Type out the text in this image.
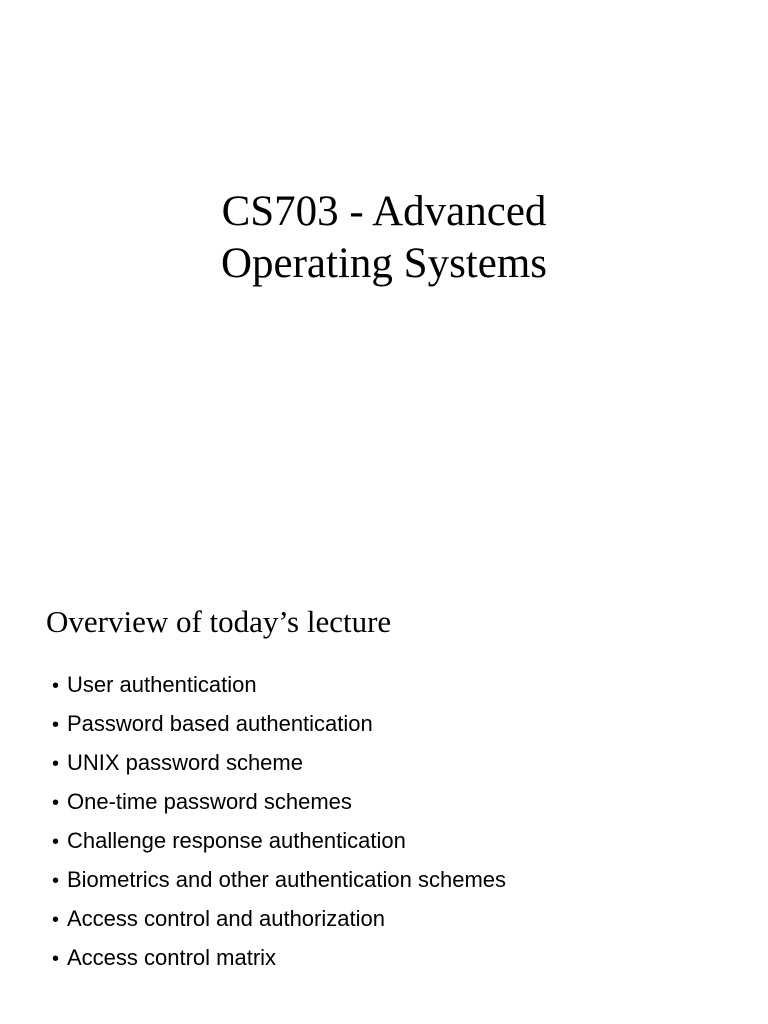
CS703 - Advanced
Operating Systems
Overview of today’s lecture
• User authentication
• Password based authentication
• UNIX password scheme
• One-time password schemes
• Challenge response authentication
• Biometrics and other authentication schemes
• Access control and authorization
• Access control matrix
